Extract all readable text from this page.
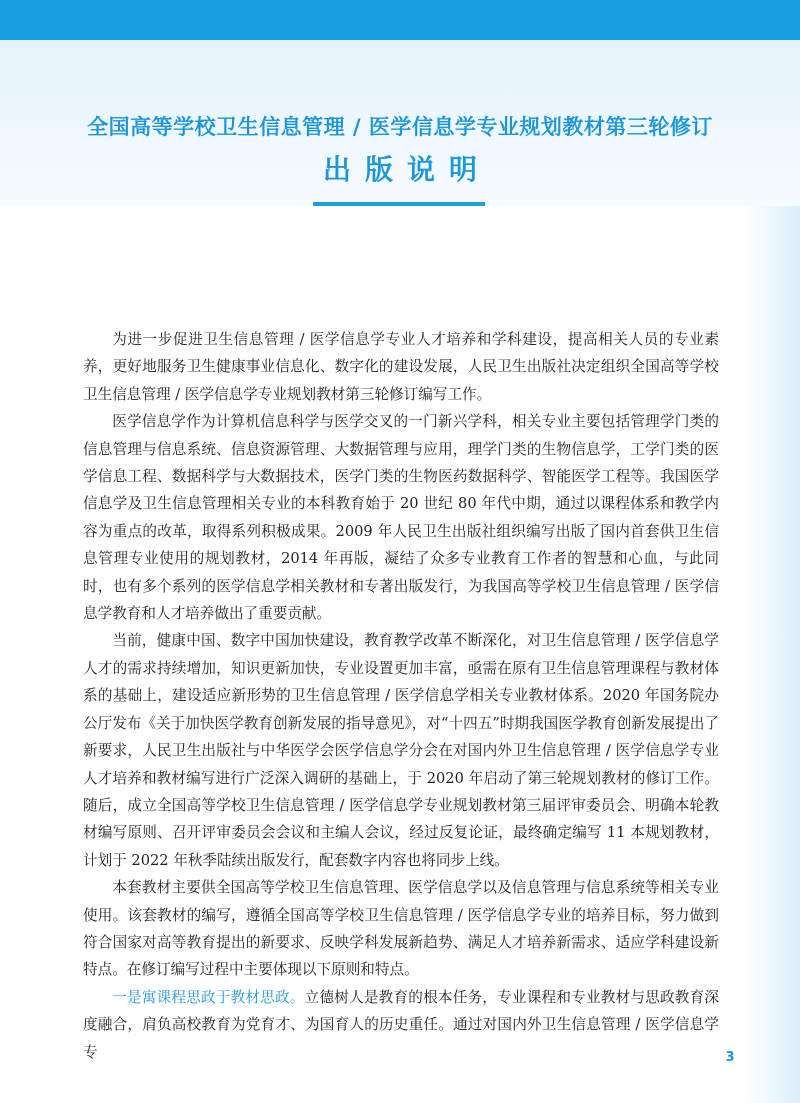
全国高等学校卫生信息管理 / 医学信息学专业规划教材第三轮修订
出版说明

为进一步促进卫生信息管理 / 医学信息学专业人才培养和学科建设，提高相关人员的专业素养，更好地服务卫生健康事业信息化、数字化的建设发展，人民卫生出版社决定组织全国高等学校卫生信息管理 / 医学信息学专业规划教材第三轮修订编写工作。

医学信息学作为计算机信息科学与医学交叉的一门新兴学科，相关专业主要包括管理学门类的信息管理与信息系统、信息资源管理、大数据管理与应用，理学门类的生物信息学，工学门类的医学信息工程、数据科学与大数据技术，医学门类的生物医药数据科学、智能医学工程等。我国医学信息学及卫生信息管理相关专业的本科教育始于 20 世纪 80 年代中期，通过以课程体系和教学内容为重点的改革，取得系列积极成果。2009 年人民卫生出版社组织编写出版了国内首套供卫生信息管理专业使用的规划教材，2014 年再版，凝结了众多专业教育工作者的智慧和心血，与此同时，也有多个系列的医学信息学相关教材和专著出版发行，为我国高等学校卫生信息管理 / 医学信息学教育和人才培养做出了重要贡献。

当前，健康中国、数字中国加快建设，教育教学改革不断深化，对卫生信息管理 / 医学信息学人才的需求持续增加，知识更新加快，专业设置更加丰富，亟需在原有卫生信息管理课程与教材体系的基础上，建设适应新形势的卫生信息管理 / 医学信息学相关专业教材体系。2020 年国务院办公厅发布《关于加快医学教育创新发展的指导意见》，对“十四五”时期我国医学教育创新发展提出了新要求，人民卫生出版社与中华医学会医学信息学分会在对国内外卫生信息管理 / 医学信息学专业人才培养和教材编写进行广泛深入调研的基础上，于 2020 年启动了第三轮规划教材的修订工作。随后，成立全国高等学校卫生信息管理 / 医学信息学专业规划教材第三届评审委员会、明确本轮教材编写原则、召开评审委员会会议和主编人会议，经过反复论证，最终确定编写 11 本规划教材，计划于 2022 年秋季陆续出版发行，配套数字内容也将同步上线。

本套教材主要供全国高等学校卫生信息管理、医学信息学以及信息管理与信息系统等相关专业使用。该套教材的编写，遵循全国高等学校卫生信息管理 / 医学信息学专业的培养目标，努力做到符合国家对高等教育提出的新要求、反映学科发展新趋势、满足人才培养新需求、适应学科建设新特点。在修订编写过程中主要体现以下原则和特点。

一是寓课程思政于教材思政。立德树人是教育的根本任务，专业课程和专业教材与思政教育深度融合，肩负高校教育为党育才、为国育人的历史重任。通过对国内外卫生信息管理 / 医学信息学专	3
